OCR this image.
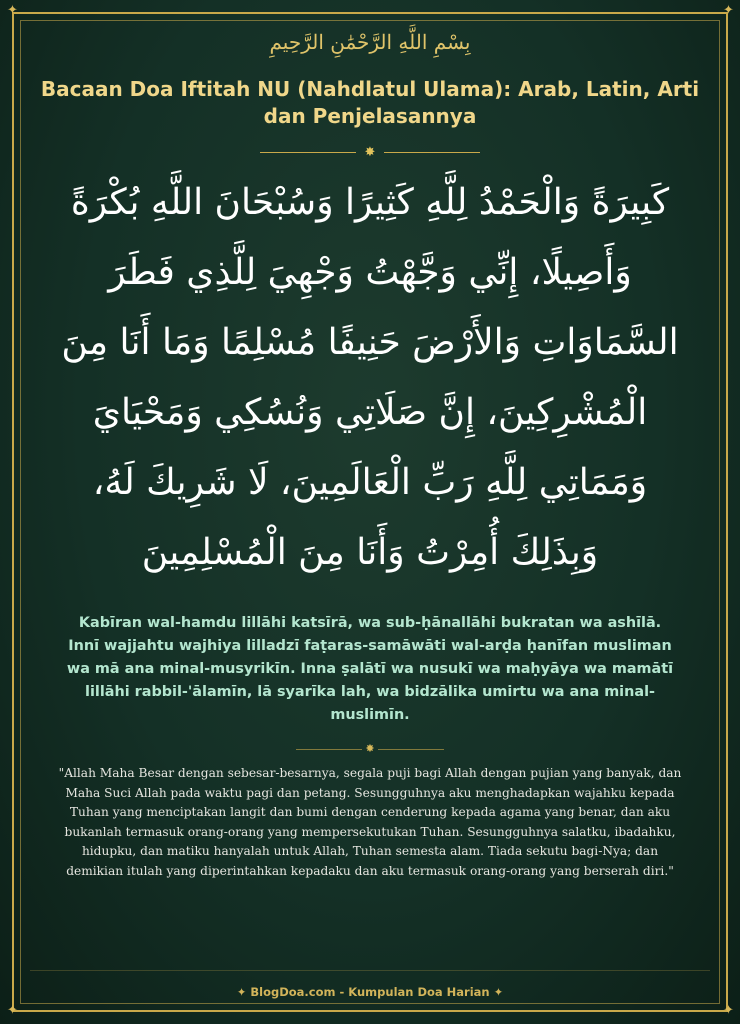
✦	✦
✦	✦
بِسْمِ اللَّهِ الرَّحْمَٰنِ الرَّحِيمِ
Bacaan Doa Iftitah NU (Nahdlatul Ulama): Arab, Latin, Arti dan Penjelasannya
✸
كَبِيرَةً وَالْحَمْدُ لِلَّهِ كَثِيرًا وَسُبْحَانَ اللَّهِ بُكْرَةً وَأَصِيلًا، إِنِّي وَجَّهْتُ وَجْهِيَ لِلَّذِي فَطَرَ السَّمَاوَاتِ وَالأَرْضَ حَنِيفًا مُسْلِمًا وَمَا أَنَا مِنَ الْمُشْرِكِينَ، إِنَّ صَلَاتِي وَنُسُكِي وَمَحْيَايَ وَمَمَاتِي لِلَّهِ رَبِّ الْعَالَمِينَ، لَا شَرِيكَ لَهُ، وَبِذَلِكَ أُمِرْتُ وَأَنَا مِنَ الْمُسْلِمِينَ
Kabīran wal-hamdu lillāhi katsīrā, wa sub-ḥānallāhi bukratan wa ashīlā. Innī wajjahtu wajhiya lilladzī faṭaras-samāwāti wal-arḍa ḥanīfan musliman wa mā ana minal-musyrikīn. Inna ṣalātī wa nusukī wa maḥyāya wa mamātī lillāhi rabbil-'ālamīn, lā syarīka lah, wa bidzālika umirtu wa ana minal-muslimīn.
✸
"Allah Maha Besar dengan sebesar-besarnya, segala puji bagi Allah dengan pujian yang banyak, dan Maha Suci Allah pada waktu pagi dan petang. Sesungguhnya aku menghadapkan wajahku kepada Tuhan yang menciptakan langit dan bumi dengan cenderung kepada agama yang benar, dan aku bukanlah termasuk orang-orang yang mempersekutukan Tuhan. Sesungguhnya salatku, ibadahku, hidupku, dan matiku hanyalah untuk Allah, Tuhan semesta alam. Tiada sekutu bagi-Nya; dan demikian itulah yang diperintahkan kepadaku dan aku termasuk orang-orang yang berserah diri."
✦ BlogDoa.com - Kumpulan Doa Harian ✦
